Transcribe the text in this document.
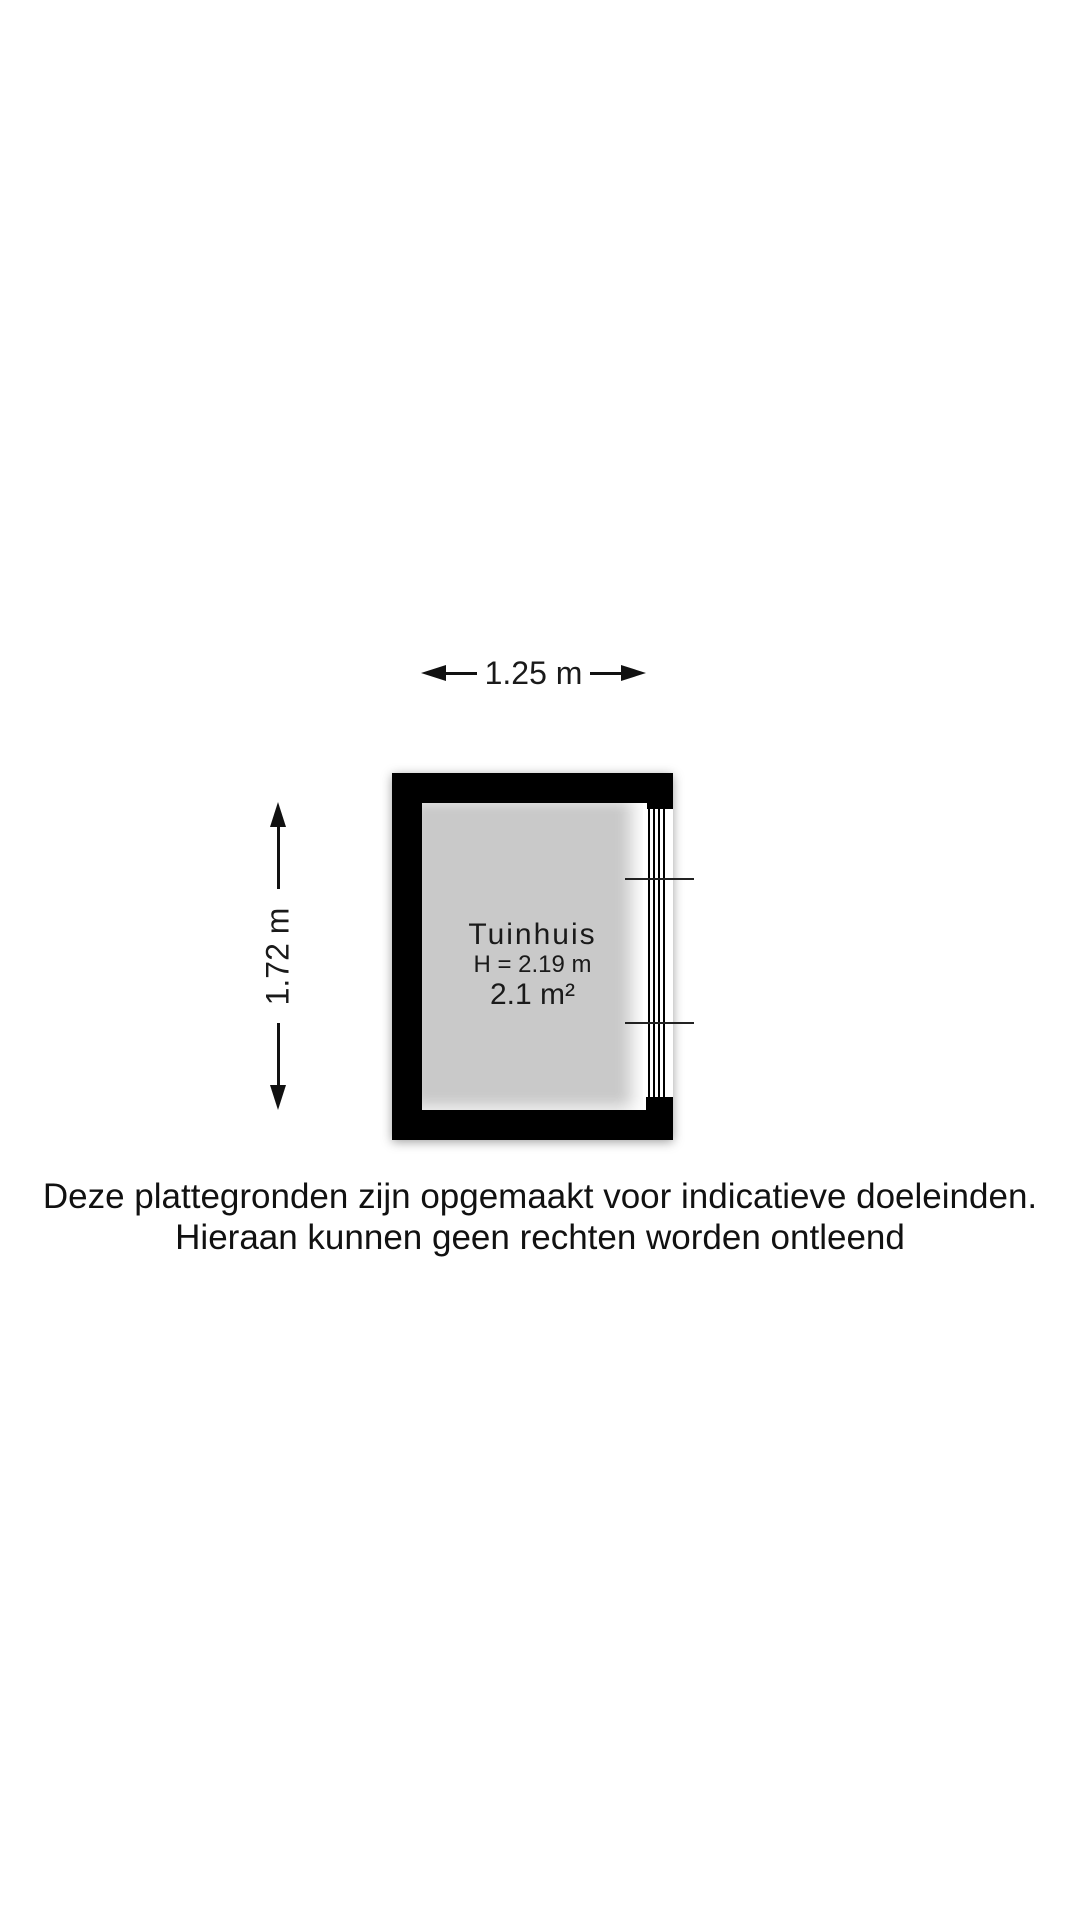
1.25 m
1.72 m	Tuinhuis
H = 2.19 m
2.1 m²
Deze plattegronden zijn opgemaakt voor indicatieve doeleinden.
Hieraan kunnen geen rechten worden ontleend
